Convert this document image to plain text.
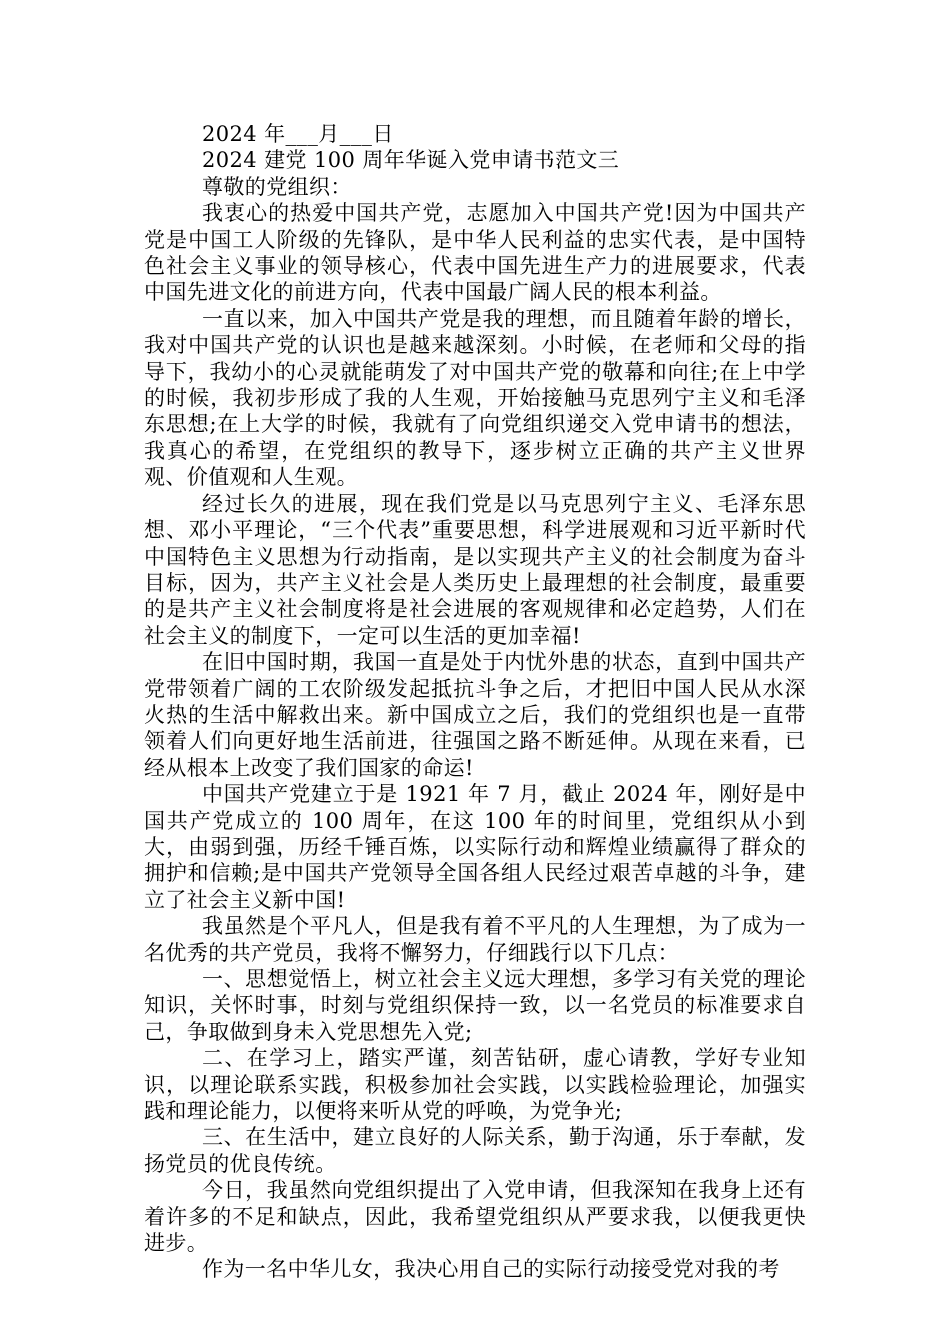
2024 年___月___日
2024 建党 100 周年华诞入党申请书范文三
尊敬的党组织：

我衷心的热爱中国共产党，志愿加入中国共产党!因为中国共产党是中国工人阶级的先锋队，是中华人民利益的忠实代表，是中国特色社会主义事业的领导核心，代表中国先进生产力的进展要求，代表中国先进文化的前进方向，代表中国最广阔人民的根本利益。

一直以来，加入中国共产党是我的理想，而且随着年龄的增长，我对中国共产党的认识也是越来越深刻。小时候，在老师和父母的指导下，我幼小的心灵就能萌发了对中国共产党的敬幕和向往;在上中学的时候，我初步形成了我的人生观，开始接触马克思列宁主义和毛泽东思想;在上大学的时候，我就有了向党组织递交入党申请书的想法，我真心的希望，在党组织的教导下，逐步树立正确的共产主义世界观、价值观和人生观。

经过长久的进展，现在我们党是以马克思列宁主义、毛泽东思想、邓小平理论，“三个代表”重要思想，科学进展观和习近平新时代中国特色主义思想为行动指南，是以实现共产主义的社会制度为奋斗目标，因为，共产主义社会是人类历史上最理想的社会制度，最重要的是共产主义社会制度将是社会进展的客观规律和必定趋势，人们在社会主义的制度下，一定可以生活的更加幸福!

在旧中国时期，我国一直是处于内忧外患的状态，直到中国共产党带领着广阔的工农阶级发起抵抗斗争之后，才把旧中国人民从水深火热的生活中解救出来。新中国成立之后，我们的党组织也是一直带领着人们向更好地生活前进，往强国之路不断延伸。从现在来看，已经从根本上改变了我们国家的命运!

中国共产党建立于是 1921 年 7 月，截止 2024 年，刚好是中国共产党成立的 100 周年，在这 100 年的时间里，党组织从小到大，由弱到强，历经千锤百炼，以实际行动和辉煌业绩赢得了群众的拥护和信赖;是中国共产党领导全国各组人民经过艰苦卓越的斗争，建立了社会主义新中国!

我虽然是个平凡人，但是我有着不平凡的人生理想，为了成为一名优秀的共产党员，我将不懈努力，仔细践行以下几点：

一、思想觉悟上，树立社会主义远大理想，多学习有关党的理论知识，关怀时事，时刻与党组织保持一致，以一名党员的标准要求自己，争取做到身未入党思想先入党;

二、在学习上，踏实严谨，刻苦钻研，虚心请教，学好专业知识，以理论联系实践，积极参加社会实践，以实践检验理论，加强实践和理论能力，以便将来听从党的呼唤，为党争光;

三、在生活中，建立良好的人际关系，勤于沟通，乐于奉献，发扬党员的优良传统。

今日，我虽然向党组织提出了入党申请，但我深知在我身上还有着许多的不足和缺点，因此，我希望党组织从严要求我，以便我更快进步。

作为一名中华儿女，我决心用自己的实际行动接受党对我的考
